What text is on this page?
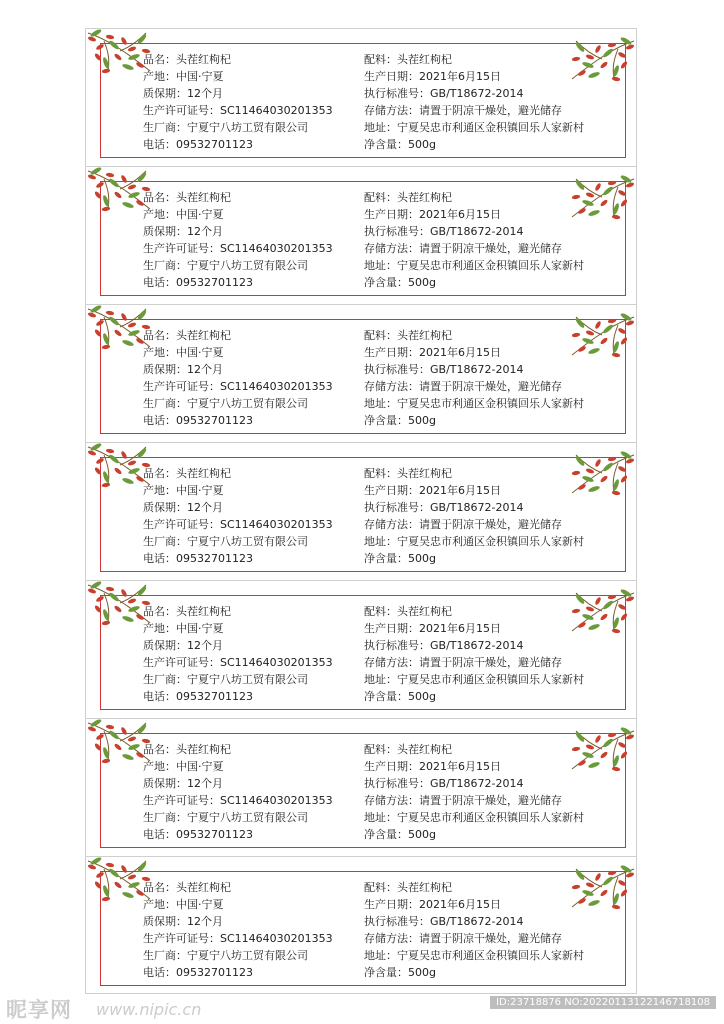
品名：头茬红枸杞
产地：中国·宁夏
质保期：12个月
生产许可证号：SC11464030201353
生厂商：宁夏宁八坊工贸有限公司
电话：09532701123
配料：头茬红枸杞
生产日期：2021年6月15日
执行标准号：GB/T18672-2014
存储方法：请置于阴凉干燥处，避光储存
地址：宁夏吴忠市利通区金积镇回乐人家新村
净含量：500g
品名：头茬红枸杞
产地：中国·宁夏
质保期：12个月
生产许可证号：SC11464030201353
生厂商：宁夏宁八坊工贸有限公司
电话：09532701123
配料：头茬红枸杞
生产日期：2021年6月15日
执行标准号：GB/T18672-2014
存储方法：请置于阴凉干燥处，避光储存
地址：宁夏吴忠市利通区金积镇回乐人家新村
净含量：500g
品名：头茬红枸杞
产地：中国·宁夏
质保期：12个月
生产许可证号：SC11464030201353
生厂商：宁夏宁八坊工贸有限公司
电话：09532701123
配料：头茬红枸杞
生产日期：2021年6月15日
执行标准号：GB/T18672-2014
存储方法：请置于阴凉干燥处，避光储存
地址：宁夏吴忠市利通区金积镇回乐人家新村
净含量：500g
品名：头茬红枸杞
产地：中国·宁夏
质保期：12个月
生产许可证号：SC11464030201353
生厂商：宁夏宁八坊工贸有限公司
电话：09532701123
配料：头茬红枸杞
生产日期：2021年6月15日
执行标准号：GB/T18672-2014
存储方法：请置于阴凉干燥处，避光储存
地址：宁夏吴忠市利通区金积镇回乐人家新村
净含量：500g
品名：头茬红枸杞
产地：中国·宁夏
质保期：12个月
生产许可证号：SC11464030201353
生厂商：宁夏宁八坊工贸有限公司
电话：09532701123
配料：头茬红枸杞
生产日期：2021年6月15日
执行标准号：GB/T18672-2014
存储方法：请置于阴凉干燥处，避光储存
地址：宁夏吴忠市利通区金积镇回乐人家新村
净含量：500g
品名：头茬红枸杞
产地：中国·宁夏
质保期：12个月
生产许可证号：SC11464030201353
生厂商：宁夏宁八坊工贸有限公司
电话：09532701123
配料：头茬红枸杞
生产日期：2021年6月15日
执行标准号：GB/T18672-2014
存储方法：请置于阴凉干燥处，避光储存
地址：宁夏吴忠市利通区金积镇回乐人家新村
净含量：500g
品名：头茬红枸杞
产地：中国·宁夏
质保期：12个月
生产许可证号：SC11464030201353
生厂商：宁夏宁八坊工贸有限公司
电话：09532701123
配料：头茬红枸杞
生产日期：2021年6月15日
执行标准号：GB/T18672-2014
存储方法：请置于阴凉干燥处，避光储存
地址：宁夏吴忠市利通区金积镇回乐人家新村
净含量：500g
昵享网 www.nipic.cn	ID:23718876 NO:20220113122146718108
